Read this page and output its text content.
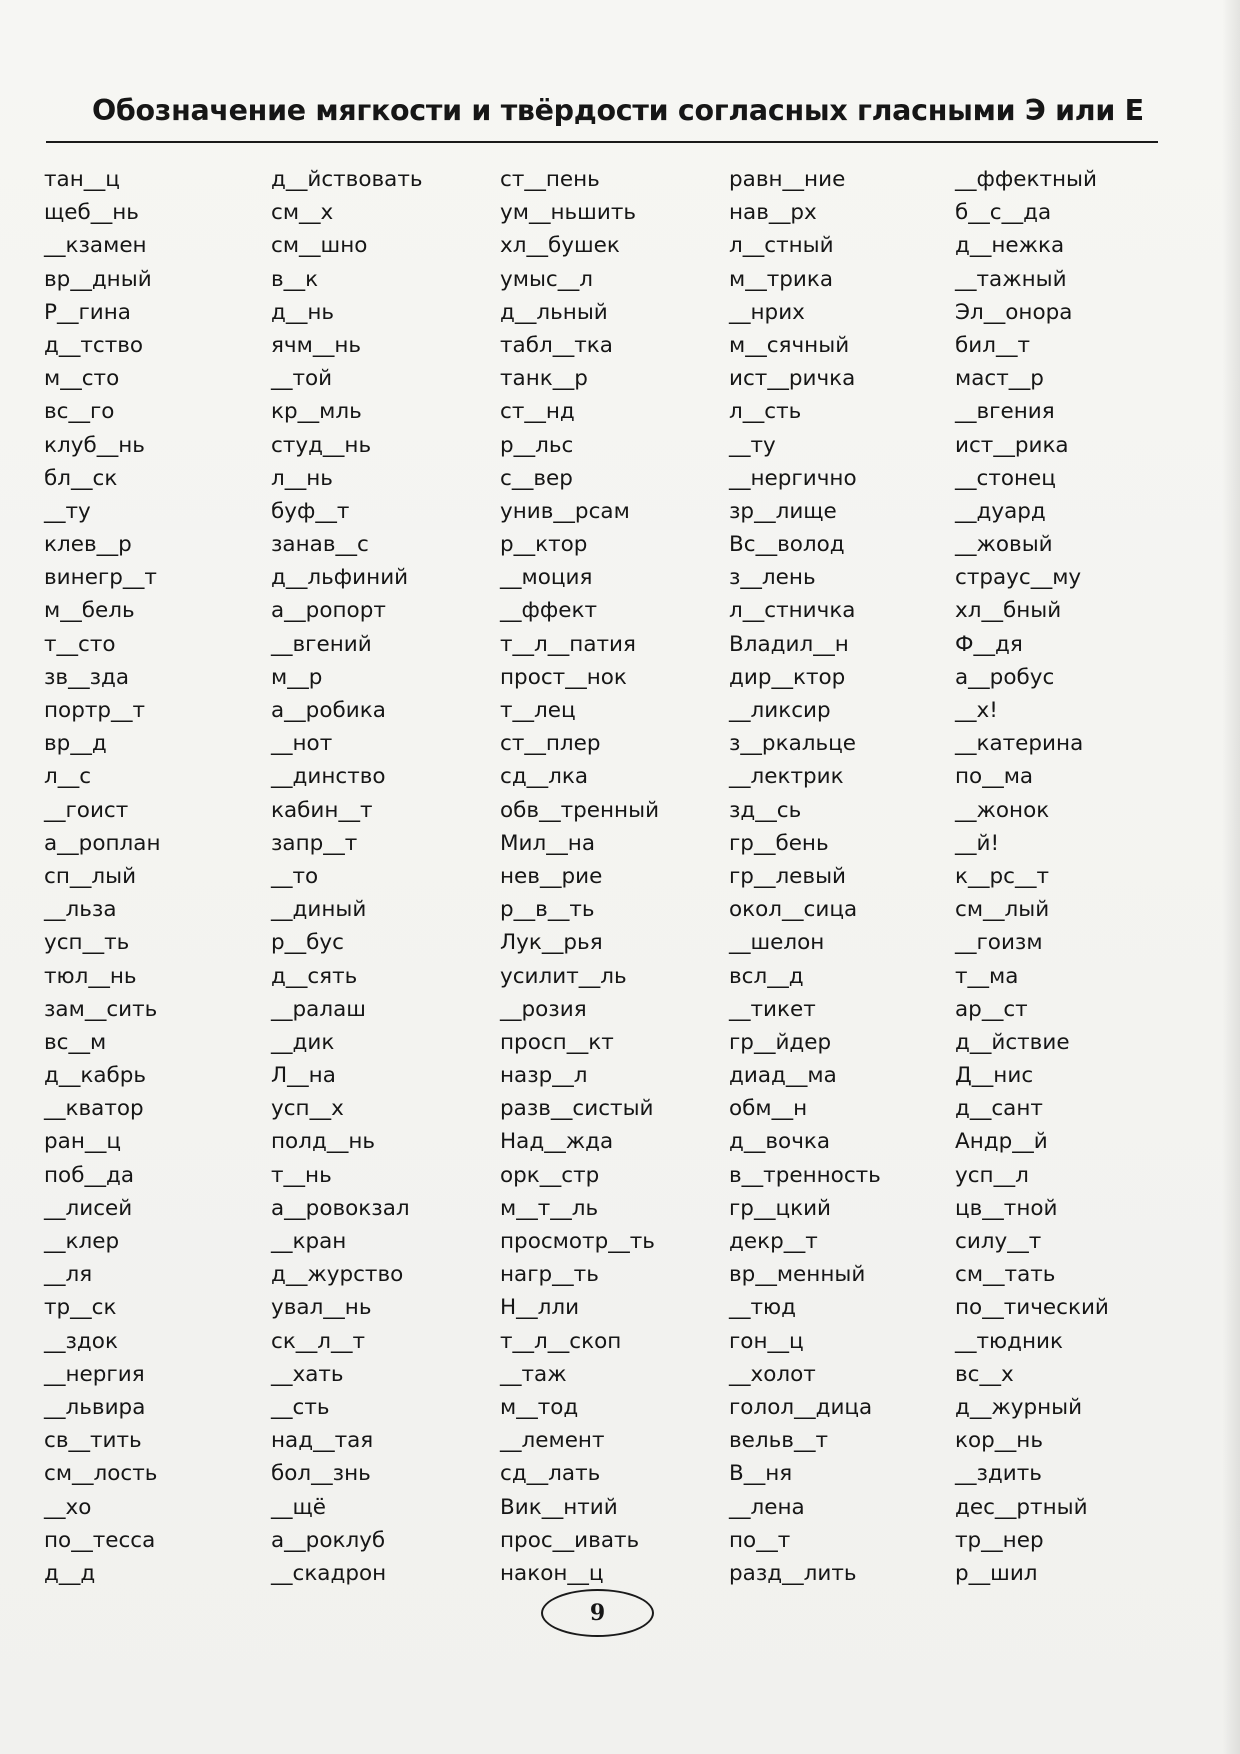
Обозначение мягкости и твёрдости согласных гласными Э или Е
тан__ц
щеб__нь
__кзамен
вр__дный
Р__гина
д__тство
м__сто
вс__го
клуб__нь
бл__ск
__ту
клев__р
винегр__т
м__бель
т__сто
зв__зда
портр__т
вр__д
л__с
__гоист
а__роплан
сп__лый
__льза
усп__ть
тюл__нь
зам__сить
вс__м
д__кабрь
__кватор
ран__ц
поб__да
__лисей
__клер
__ля
тр__ск
__здок
__нергия
__львира
св__тить
см__лость
__хо
по__тесса
д__д
д__йствовать
см__х
см__шно
в__к
д__нь
ячм__нь
__той
кр__мль
студ__нь
л__нь
буф__т
занав__с
д__льфиний
а__ропорт
__вгений
м__р
а__робика
__нот
__динство
кабин__т
запр__т
__то
__диный
р__бус
д__сять
__ралаш
__дик
Л__на
усп__х
полд__нь
т__нь
а__ровокзал
__кран
д__журство
увал__нь
ск__л__т
__хать
__сть
над__тая
бол__знь
__щё
а__роклуб
__скадрон
ст__пень
ум__ньшить
хл__бушек
умыс__л
д__льный
табл__тка
танк__р
ст__нд
р__льс
с__вер
унив__рсам
р__ктор
__моция
__ффект
т__л__патия
прост__нок
т__лец
ст__плер
сд__лка
обв__тренный
Мил__на
нев__рие
р__в__ть
Лук__рья
усилит__ль
__розия
просп__кт
назр__л
разв__систый
Над__жда
орк__стр
м__т__ль
просмотр__ть
нагр__ть
Н__лли
т__л__скоп
__таж
м__тод
__лемент
сд__лать
Вик__нтий
прос__ивать
након__ц
равн__ние
нав__рх
л__стный
м__трика
__нрих
м__сячный
ист__ричка
л__сть
__ту
__нергично
зр__лище
Вс__волод
з__лень
л__стничка
Владил__н
дир__ктор
__ликсир
з__ркальце
__лектрик
зд__сь
гр__бень
гр__левый
окол__сица
__шелон
всл__д
__тикет
гр__йдер
диад__ма
обм__н
д__вочка
в__тренность
гр__цкий
декр__т
вр__менный
__тюд
гон__ц
__холот
голол__дица
вельв__т
В__ня
__лена
по__т
разд__лить
__ффектный
б__с__да
д__нежка
__тажный
Эл__онора
бил__т
маст__р
__вгения
ист__рика
__стонец
__дуард
__жовый
страус__му
хл__бный
Ф__дя
а__робус
__х!
__катерина
по__ма
__жонок
__й!
к__рс__т
см__лый
__гоизм
т__ма
ар__ст
д__йствие
Д__нис
д__сант
Андр__й
усп__л
цв__тной
силу__т
см__тать
по__тический
__тюдник
вс__х
д__журный
кор__нь
__здить
дес__ртный
тр__нер
р__шил
9
